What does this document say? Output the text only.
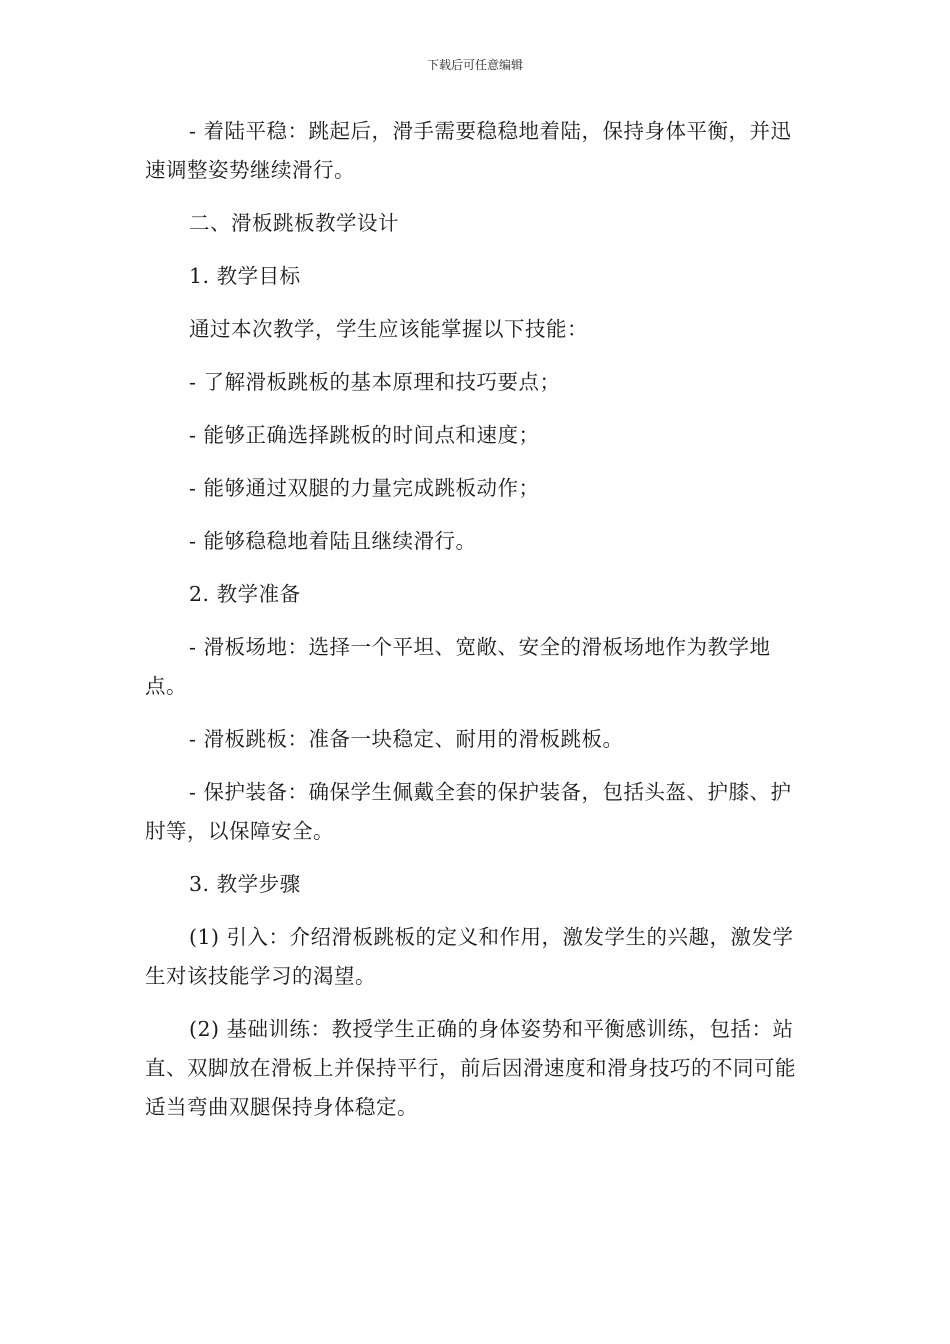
下载后可任意编辑

- 着陆平稳：跳起后，滑手需要稳稳地着陆，保持身体平衡，并迅速调整姿势继续滑行。

二、滑板跳板教学设计

1. 教学目标

通过本次教学，学生应该能掌握以下技能：

- 了解滑板跳板的基本原理和技巧要点；

- 能够正确选择跳板的时间点和速度；

- 能够通过双腿的力量完成跳板动作；

- 能够稳稳地着陆且继续滑行。

2. 教学准备

- 滑板场地：选择一个平坦、宽敞、安全的滑板场地作为教学地点。

- 滑板跳板：准备一块稳定、耐用的滑板跳板。

- 保护装备：确保学生佩戴全套的保护装备，包括头盔、护膝、护肘等，以保障安全。

3. 教学步骤

(1) 引入：介绍滑板跳板的定义和作用，激发学生的兴趣，激发学生对该技能学习的渴望。

(2) 基础训练：教授学生正确的身体姿势和平衡感训练，包括：站直、双脚放在滑板上并保持平行，前后因滑速度和滑身技巧的不同可能适当弯曲双腿保持身体稳定。
